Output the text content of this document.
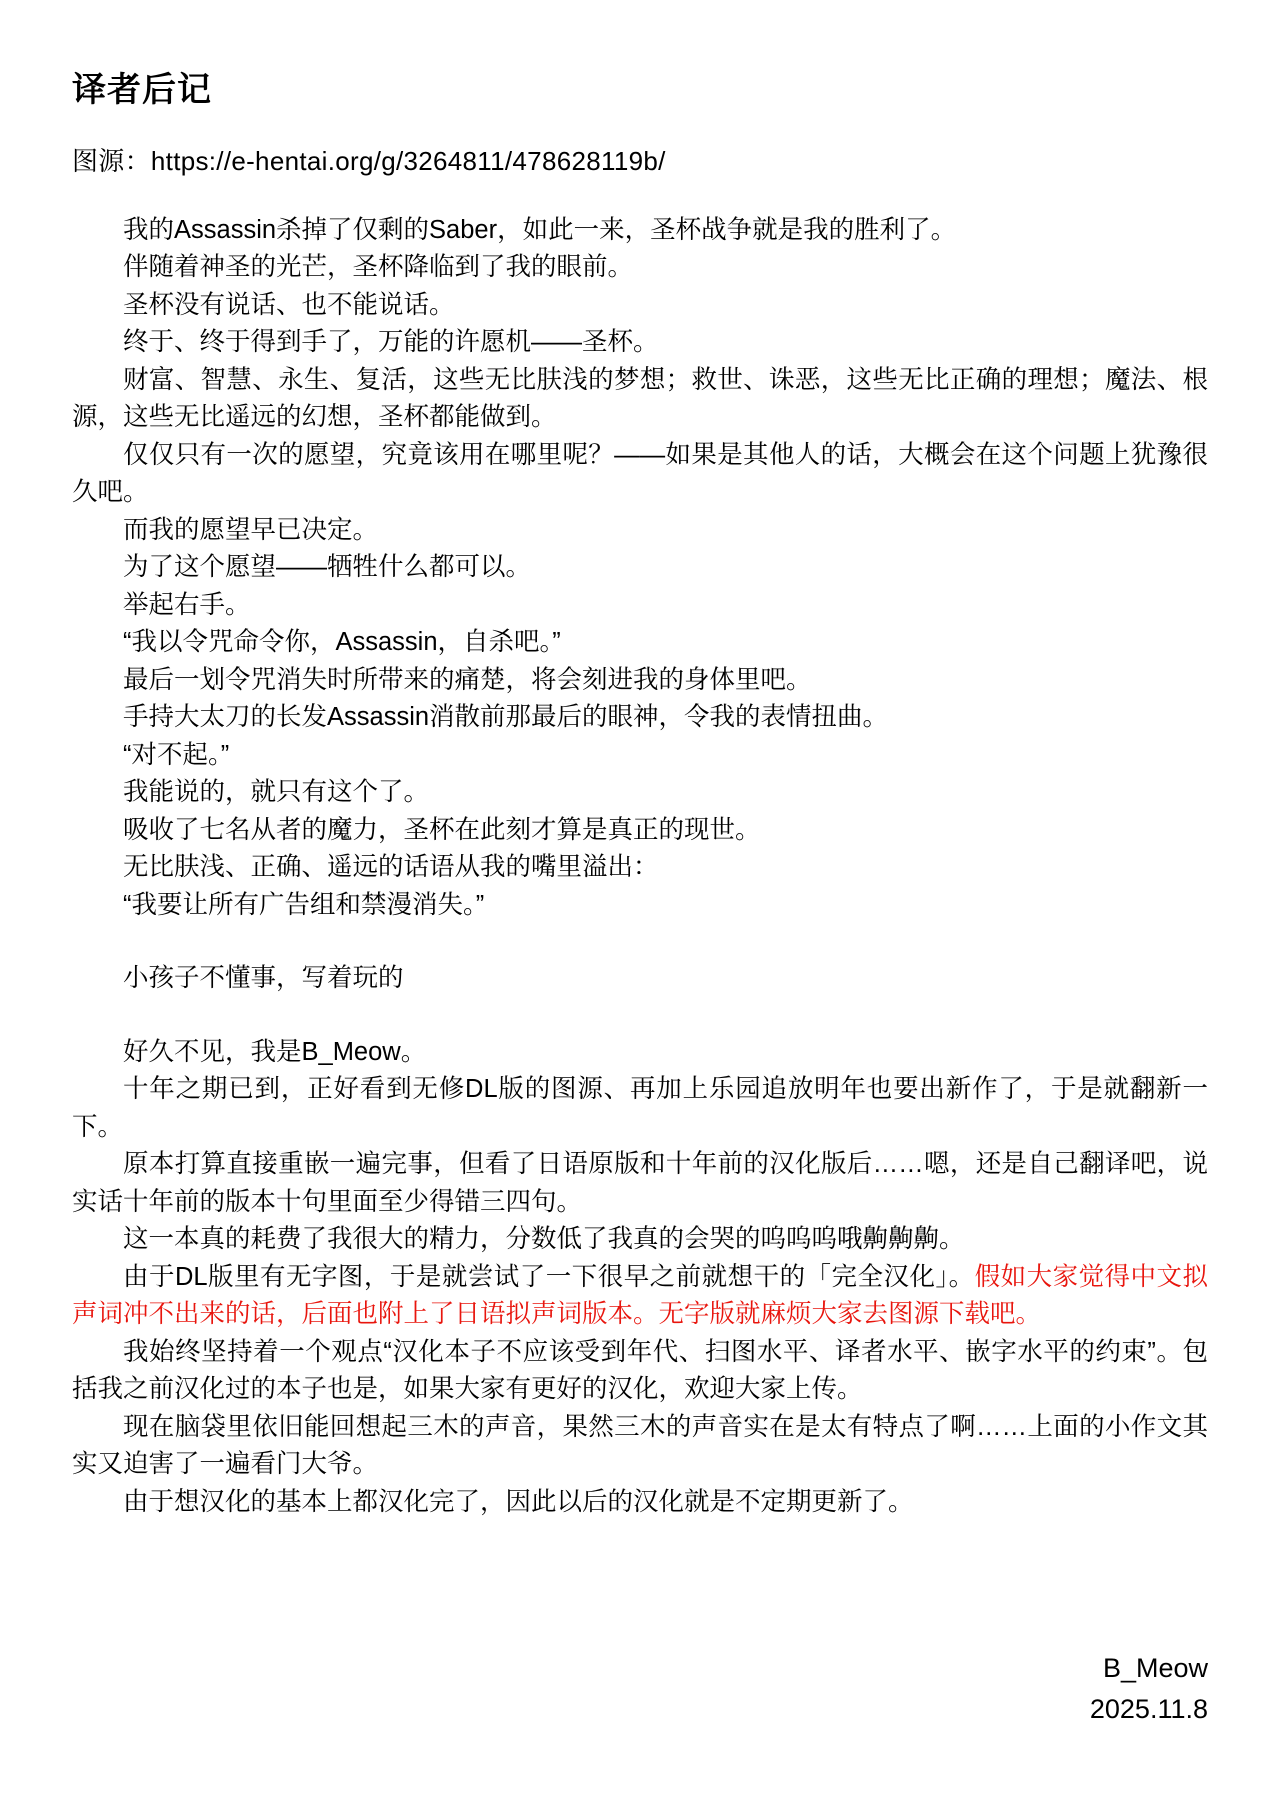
译者后记

图源：https://e-hentai.org/g/3264811/478628119b/

我的Assassin杀掉了仅剩的Saber，如此一来，圣杯战争就是我的胜利了。

伴随着神圣的光芒，圣杯降临到了我的眼前。

圣杯没有说话、也不能说话。

终于、终于得到手了，万能的许愿机——圣杯。

财富、智慧、永生、复活，这些无比肤浅的梦想；救世、诛恶，这些无比正确的理想；魔法、根源，这些无比遥远的幻想，圣杯都能做到。

仅仅只有一次的愿望，究竟该用在哪里呢？——如果是其他人的话，大概会在这个问题上犹豫很久吧。

而我的愿望早已决定。

为了这个愿望——牺牲什么都可以。

举起右手。

“我以令咒命令你，Assassin，自杀吧。”

最后一划令咒消失时所带来的痛楚，将会刻进我的身体里吧。

手持大太刀的长发Assassin消散前那最后的眼神，令我的表情扭曲。

“对不起。”

我能说的，就只有这个了。

吸收了七名从者的魔力，圣杯在此刻才算是真正的现世。

无比肤浅、正确、遥远的话语从我的嘴里溢出：

“我要让所有广告组和禁漫消失。”

小孩子不懂事，写着玩的

好久不见，我是B_Meow。

十年之期已到，正好看到无修DL版的图源、再加上乐园追放明年也要出新作了，于是就翻新一下。

原本打算直接重嵌一遍完事，但看了日语原版和十年前的汉化版后……嗯，还是自己翻译吧，说实话十年前的版本十句里面至少得错三四句。

这一本真的耗费了我很大的精力，分数低了我真的会哭的呜呜呜哦齁齁齁。

由于DL版里有无字图，于是就尝试了一下很早之前就想干的「完全汉化」。假如大家觉得中文拟声词冲不出来的话，后面也附上了日语拟声词版本。无字版就麻烦大家去图源下载吧。

我始终坚持着一个观点“汉化本子不应该受到年代、扫图水平、译者水平、嵌字水平的约束”。包括我之前汉化过的本子也是，如果大家有更好的汉化，欢迎大家上传。

现在脑袋里依旧能回想起三木的声音，果然三木的声音实在是太有特点了啊……上面的小作文其实又迫害了一遍看门大爷。

由于想汉化的基本上都汉化完了，因此以后的汉化就是不定期更新了。

B_Meow

2025.11.8
